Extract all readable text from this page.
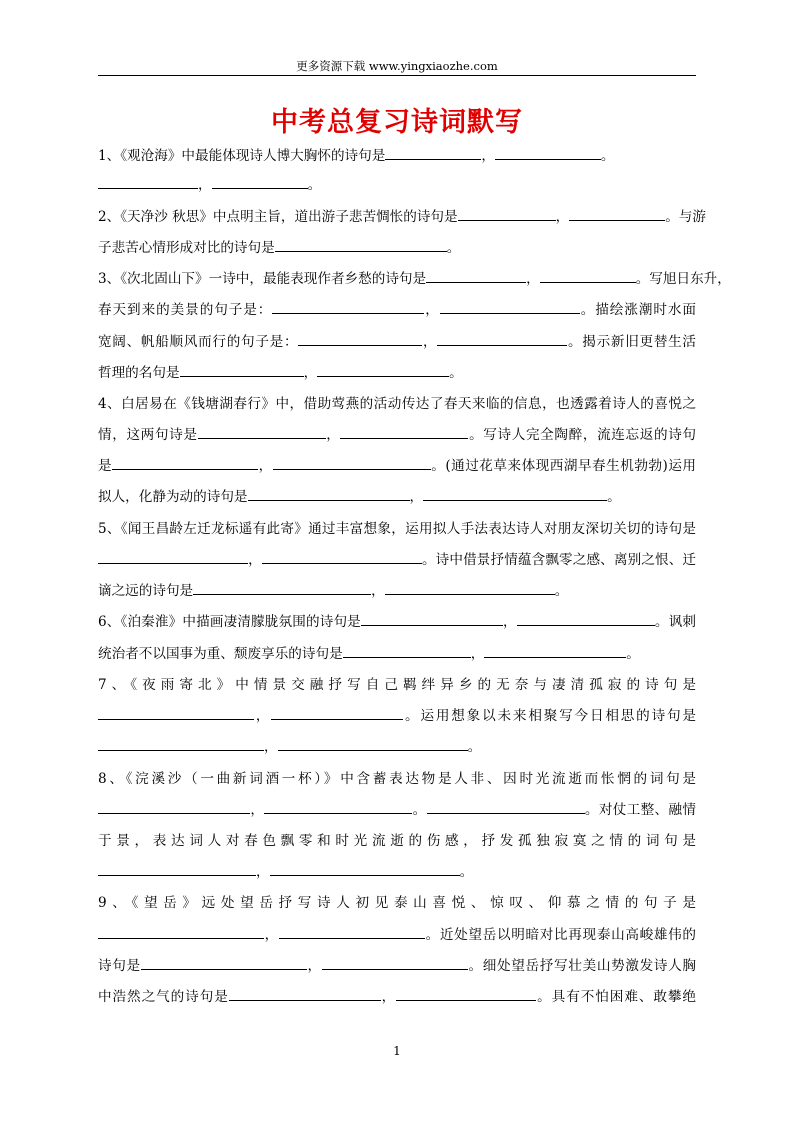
更多资源下载 www.yingxiaozhe.com
中考总复习诗词默写
1、《观沧海》中最能体现诗人博大胸怀的诗句是	，	。
，	。
2、《天净沙 秋思》中点明主旨，道出游子悲苦惆怅的诗句是	，	。与游
子悲苦心情形成对比的诗句是	。
3、《次北固山下》一诗中，最能表现作者乡愁的诗句是	，	。写旭日东升，
春天到来的美景的句子是：	，	。描绘涨潮时水面
宽阔、帆船顺风而行的句子是：	，	。揭示新旧更替生活
哲理的名句是	，	。
4、白居易在《钱塘湖春行》中，借助莺燕的活动传达了春天来临的信息，也透露着诗人的喜悦之
情，这两句诗是	，	。写诗人完全陶醉，流连忘返的诗句
是	，	。(通过花草来体现西湖早春生机勃勃)运用
拟人，化静为动的诗句是	，	。
5、《闻王昌龄左迁龙标遥有此寄》通过丰富想象，运用拟人手法表达诗人对朋友深切关切的诗句是
，	。诗中借景抒情蕴含飘零之感、离别之恨、迁
谪之远的诗句是	，	。
6、《泊秦淮》中描画凄清朦胧氛围的诗句是	，	。讽刺
统治者不以国事为重、颓废享乐的诗句是	，	。
7、《夜雨寄北》中情景交融抒写自己羁绊异乡的无奈与凄清孤寂的诗句是
，	。运用想象以未来相聚写今日相思的诗句是
，	。
8、《浣溪沙（一曲新词酒一杯）》中含蓄表达物是人非、因时光流逝而怅惘的词句是
，	。	。对仗工整、融情
于景，表达词人对春色飘零和时光流逝的伤感，抒发孤独寂寞之情的词句是
，	。
9、《望岳》远处望岳抒写诗人初见泰山喜悦、惊叹、仰慕之情的句子是
，	。近处望岳以明暗对比再现泰山高峻雄伟的
诗句是	，	。细处望岳抒写壮美山势激发诗人胸
中浩然之气的诗句是	，	。具有不怕困难、敢攀绝
1
